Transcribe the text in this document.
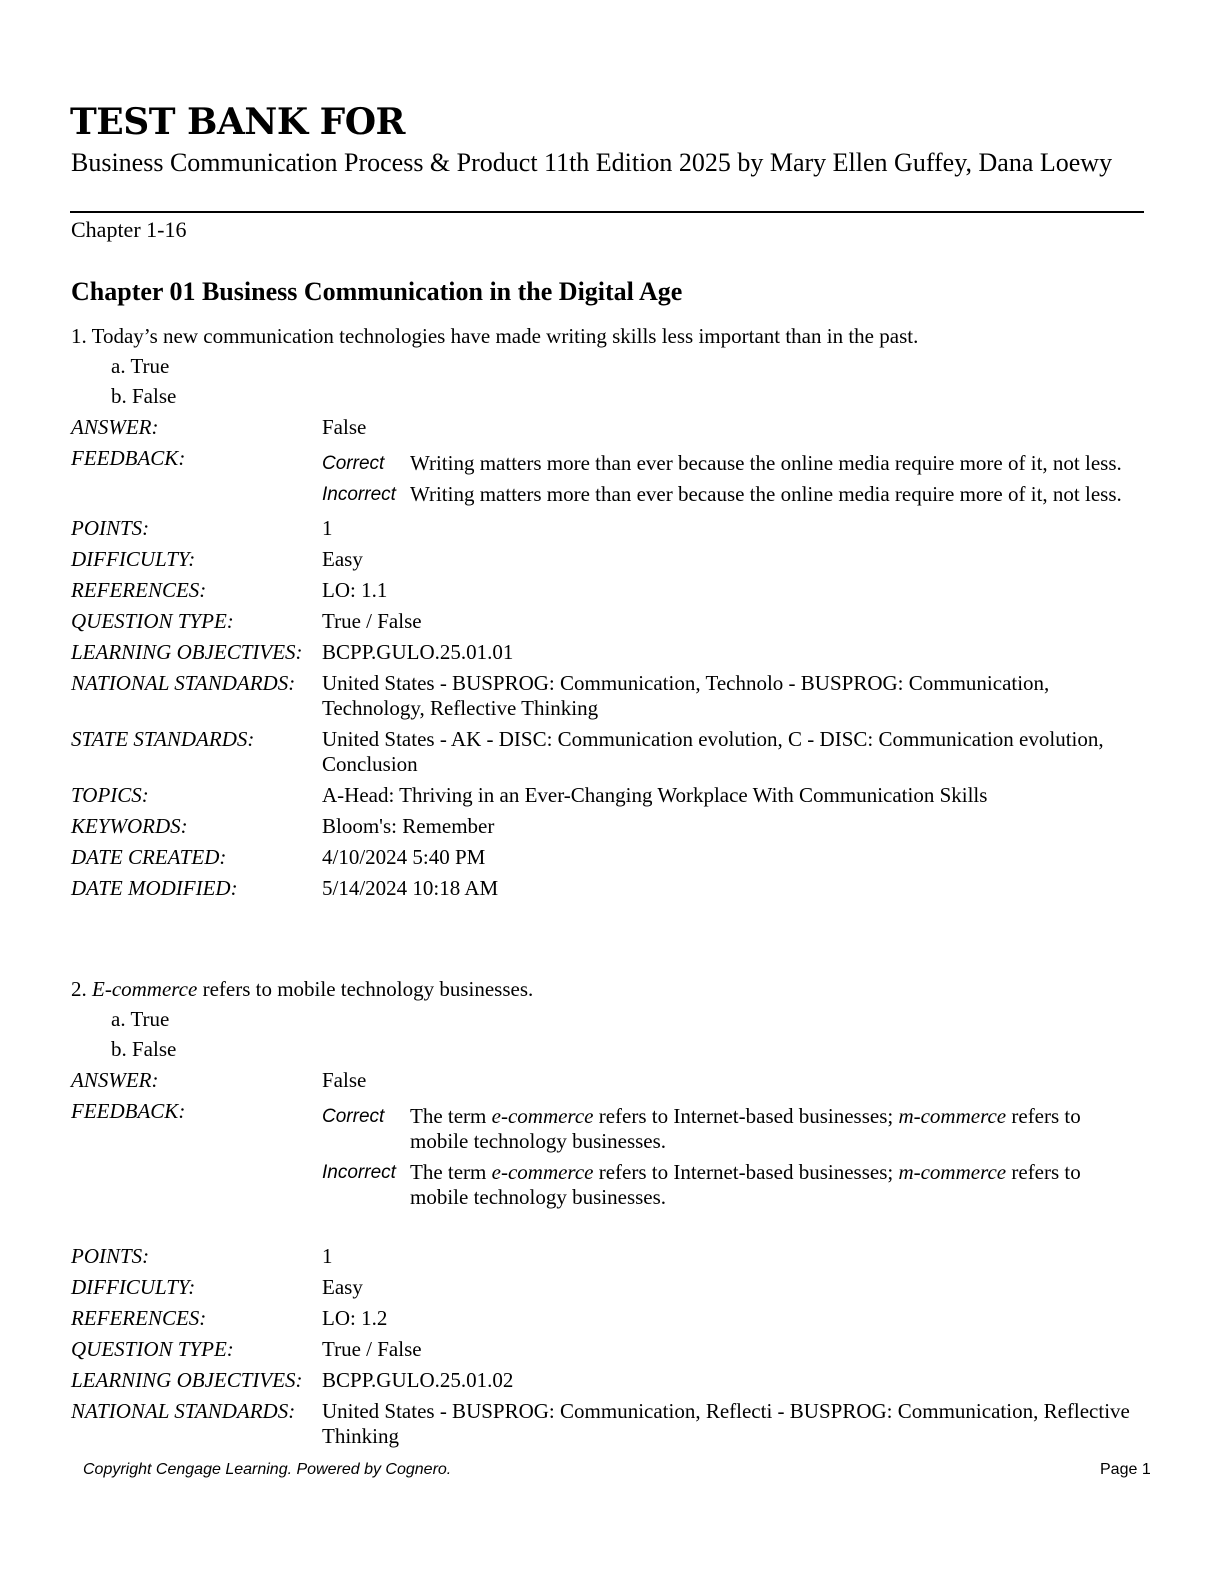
TEST BANK FOR
Business Communication Process & Product 11th Edition 2025 by Mary Ellen Guffey, Dana Loewy
Chapter 1-16
Chapter 01 Business Communication in the Digital Age
1. Today’s new communication technologies have made writing skills less important than in the past.
a. True
b. False
ANSWER:	False
FEEDBACK:	Correct Writing matters more than ever because the online media require more of it, not less.
Incorrect Writing matters more than ever because the online media require more of it, not less.
POINTS:	1
DIFFICULTY:	Easy
REFERENCES:	LO: 1.1
QUESTION TYPE:	True / False
LEARNING OBJECTIVES: BCPP.GULO.25.01.01
NATIONAL STANDARDS: United States - BUSPROG: Communication, Technolo - BUSPROG: Communication, Technology, Reflective Thinking
STATE STANDARDS:	United States - AK - DISC: Communication evolution, C - DISC: Communication evolution, Conclusion
TOPICS:	A-Head: Thriving in an Ever-Changing Workplace With Communication Skills
KEYWORDS:	Bloom's: Remember
DATE CREATED:	4/10/2024 5:40 PM
DATE MODIFIED:	5/14/2024 10:18 AM
2. E-commerce refers to mobile technology businesses.
a. True
b. False
ANSWER:	False
FEEDBACK:	Correct The term e-commerce refers to Internet-based businesses; m-commerce refers to mobile technology businesses.
Incorrect The term e-commerce refers to Internet-based businesses; m-commerce refers to mobile technology businesses.
POINTS:	1
DIFFICULTY:	Easy
REFERENCES:	LO: 1.2
QUESTION TYPE:	True / False
LEARNING OBJECTIVES: BCPP.GULO.25.01.02
NATIONAL STANDARDS: United States - BUSPROG: Communication, Reflecti - BUSPROG: Communication, Reflective Thinking
Copyright Cengage Learning. Powered by Cognero.	Page 1
